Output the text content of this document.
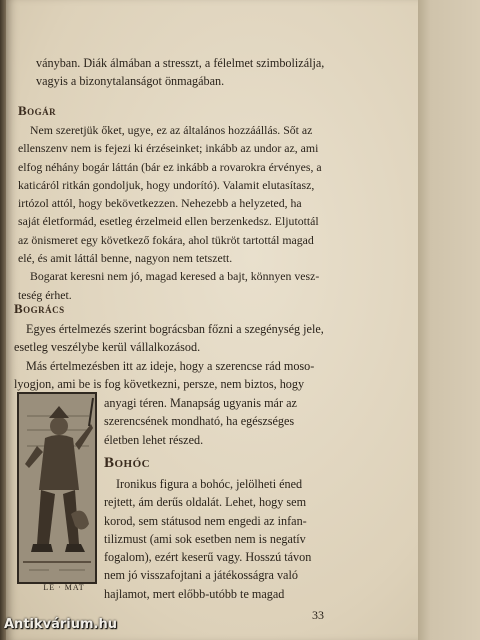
ványban. Diák álmában a stresszt, a félelmet szimbolizálja,
vagyis a bizonytalanságot önmagában.
Bogár
Nem szeretjük őket, ugye, ez az általános hozzáállás. Sőt az
ellenszenv nem is fejezi ki érzéseinket; inkább az undor az, ami
elfog néhány bogár láttán (bár ez inkább a rovarokra érvényes, a
katicáról ritkán gondoljuk, hogy undorító). Valamit elutasítasz,
irtózol attól, hogy bekövetkezzen. Nehezebb a helyzeted, ha
saját életformád, esetleg érzelmeid ellen berzenkedsz. Eljutottál
az önismeret egy következő fokára, ahol tükröt tartottál magad
elé, és amit láttál benne, nagyon nem tetszett.
Bogarat keresni nem jó, magad keresed a bajt, könnyen vesz-
teség érhet.
Bogrács
Egyes értelmezés szerint bográcsban főzni a szegénység jele,
esetleg veszélybe kerül vállalkozásod.
Más értelmezésben itt az ideje, hogy a szerencse rád moso-
lyogjon, ami be is fog következni, persze, nem biztos, hogy
anyagi téren. Manapság ugyanis már az
szerencsének mondható, ha egészséges
életben lehet részed.
LE · MAT
Bohóc
Ironikus figura a bohóc, jelölheti éned
rejtett, ám derűs oldalát. Lehet, hogy sem
korod, sem státusod nem engedi az infan-
tilizmust (ami sok esetben nem is negatív
fogalom), ezért keserű vagy. Hosszú távon
nem jó visszafojtani a játékosságra való
hajlamot, mert előbb-utóbb te magad
33
Antikvárium.hu
